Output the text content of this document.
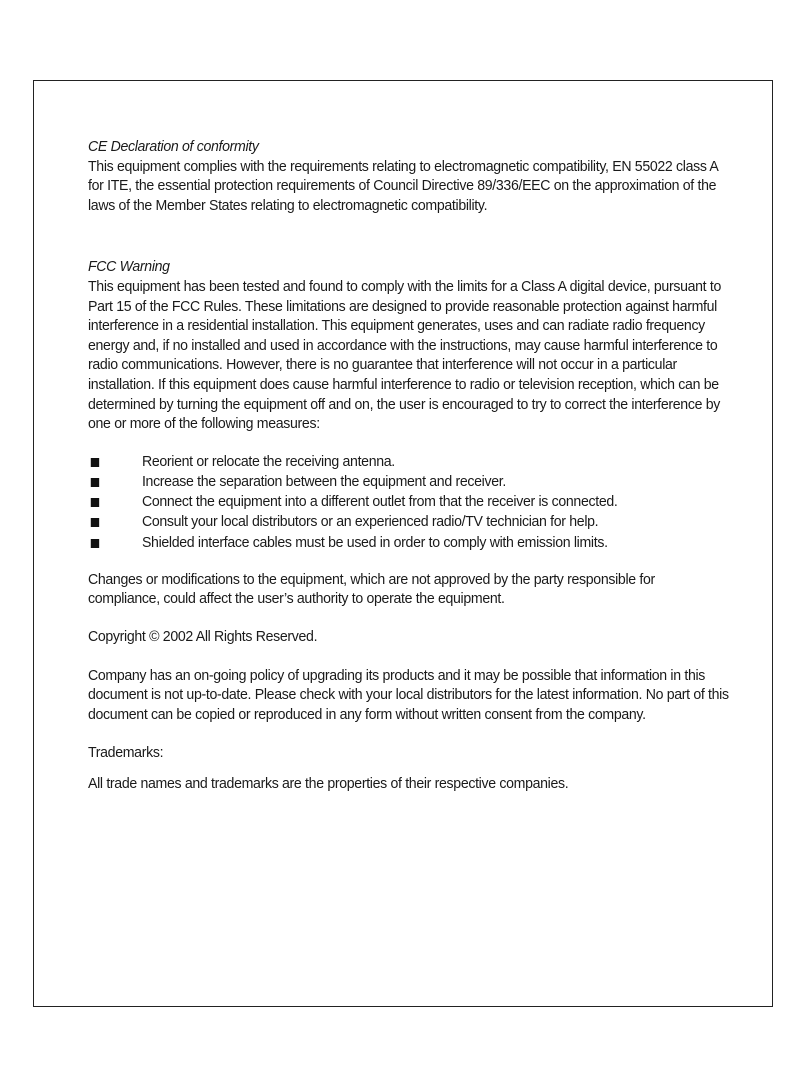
CE Declaration of conformity

This equipment complies with the requirements relating to electromagnetic compatibility, EN 55022 class A for ITE, the essential protection requirements of Council Directive 89/336/EEC on the approximation of the laws of the Member States relating to electromagnetic compatibility.

FCC Warning

This equipment has been tested and found to comply with the limits for a Class A digital device, pursuant to Part 15 of the FCC Rules. These limitations are designed to provide reasonable protection against harmful interference in a residential installation. This equipment generates, uses and can radiate radio frequency energy and, if no installed and used in accordance with the instructions, may cause harmful interference to radio communications. However, there is no guarantee that interference will not occur in a particular installation. If this equipment does cause harmful interference to radio or television reception, which can be determined by turning the equipment off and on, the user is encouraged to try to correct the interference by one or more of the following measures:

Reorient or relocate the receiving antenna.
Increase the separation between the equipment and receiver.
Connect the equipment into a different outlet from that the receiver is connected.
Consult your local distributors or an experienced radio/TV technician for help.
Shielded interface cables must be used in order to comply with emission limits.

Changes or modifications to the equipment, which are not approved by the party responsible for compliance, could affect the user’s authority to operate the equipment.

Copyright © 2002 All Rights Reserved.

Company has an on-going policy of upgrading its products and it may be possible that information in this document is not up-to-date. Please check with your local distributors for the latest information. No part of this document can be copied or reproduced in any form without written consent from the company.

Trademarks:

All trade names and trademarks are the properties of their respective companies.
